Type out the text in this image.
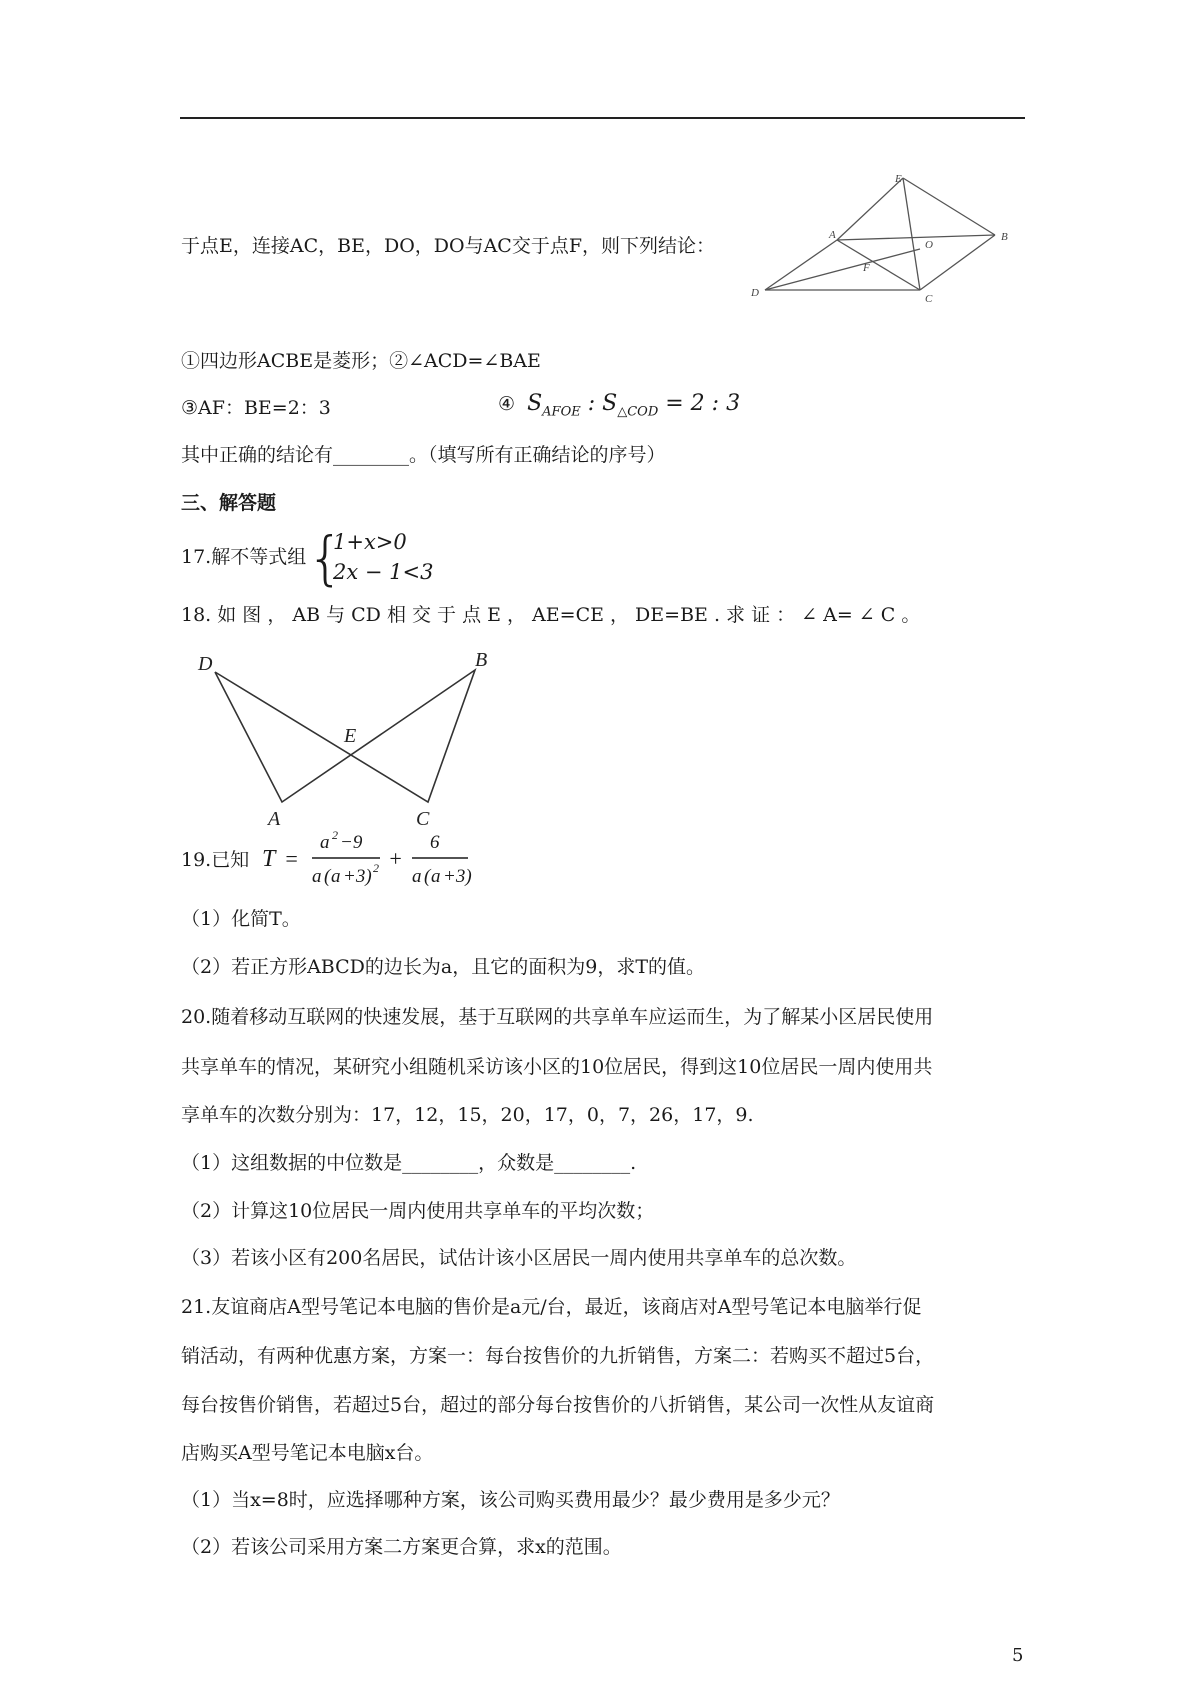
于点E，连接AC，BE，DO，DO与AC交于点F，则下列结论：
E
A
O
B
F
D	C
①四边形ACBE是菱形；②∠ACD=∠BAE
③AF：BE=2：3	④ $S_{AFOE}$ : $S_{\triangle COD} = 2$ : 3
其中正确的结论有________。（填写所有正确结论的序号）
三、解答题
17.解不等式组 {
1+x>0
2x − 1<3
18. 如 图 ， AB 与 CD 相 交 于 点 E ， AE=CE ， DE=BE . 求 证 ： ∠ A= ∠ C 。
D	B
E
A	C
19.已知 T =
a 2 −9
a ( a +3) 2 +
6
a ( a +3)
（1）化简T。
（2）若正方形ABCD的边长为a，且它的面积为9，求T的值。
20.随着移动互联网的快速发展，基于互联网的共享单车应运而生，为了解某小区居民使用
共享单车的情况，某研究小组随机采访该小区的10位居民，得到这10位居民一周内使用共
享单车的次数分别为：17，12，15，20，17，0，7，26，17，9.
（1）这组数据的中位数是________，众数是________.
（2）计算这10位居民一周内使用共享单车的平均次数；
（3）若该小区有200名居民，试估计该小区居民一周内使用共享单车的总次数。
21.友谊商店A型号笔记本电脑的售价是a元/台，最近，该商店对A型号笔记本电脑举行促
销活动，有两种优惠方案，方案一：每台按售价的九折销售，方案二：若购买不超过5台，
每台按售价销售，若超过5台，超过的部分每台按售价的八折销售，某公司一次性从友谊商
店购买A型号笔记本电脑x台。
（1）当x=8时，应选择哪种方案，该公司购买费用最少？最少费用是多少元？
（2）若该公司采用方案二方案更合算，求x的范围。
5
